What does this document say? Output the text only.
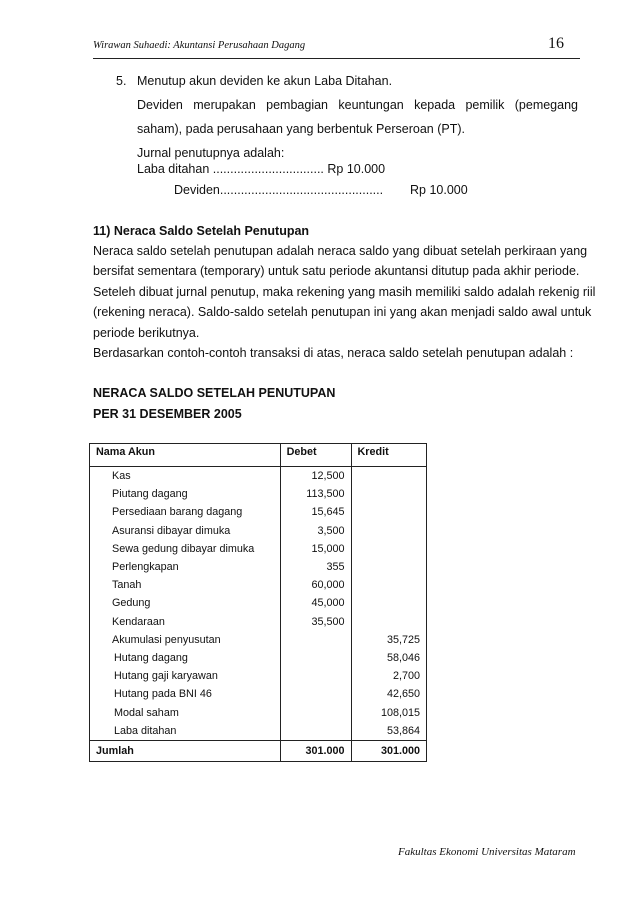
Wirawan Suhaedi: Akuntansi Perusahaan Dagang	16
5. Menutup akun deviden ke akun Laba Ditahan.
Deviden merupakan pembagian keuntungan kepada pemilik (pemegang
saham), pada perusahaan yang berbentuk Perseroan (PT).
Jurnal penutupnya adalah:
Laba ditahan ................................ Rp 10.000
Deviden............................................... Rp 10.000
11) Neraca Saldo Setelah Penutupan
Neraca saldo setelah penutupan adalah neraca saldo yang dibuat setelah perkiraan yang
bersifat sementara (temporary) untuk satu periode akuntansi ditutup pada akhir periode.
Seteleh dibuat jurnal penutup, maka rekening yang masih memiliki saldo adalah rekenig riil
(rekening neraca). Saldo-saldo setelah penutupan ini yang akan menjadi saldo awal untuk
periode berikutnya.
Berdasarkan contoh-contoh transaksi di atas, neraca saldo setelah penutupan adalah :
NERACA SALDO SETELAH PENUTUPAN
PER 31 DESEMBER 2005
Nama Akun	Debet	Kredit
Kas	12,500	
Piutang dagang	113,500	
Persediaan barang dagang	15,645	
Asuransi dibayar dimuka	3,500	
Sewa gedung dibayar dimuka	15,000	
Perlengkapan	355	
Tanah	60,000	
Gedung	45,000	
Kendaraan	35,500	
Akumulasi penyusutan		35,725
Hutang dagang		58,046
Hutang gaji karyawan		2,700
Hutang pada BNI 46		42,650
Modal saham		108,015
Laba ditahan		53,864
Jumlah	301.000	301.000
Fakultas Ekonomi Universitas Mataram
